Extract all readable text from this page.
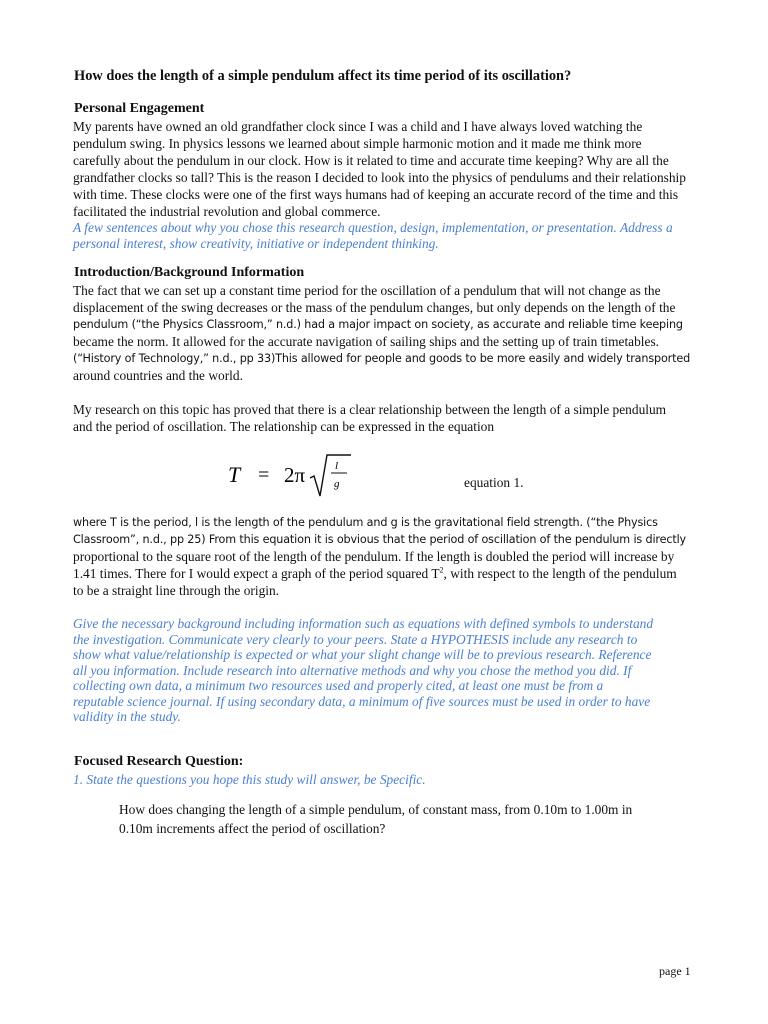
How does the length of a simple pendulum affect its time period of its oscillation?
Personal Engagement
My parents have owned an old grandfather clock since I was a child and I have always loved watching the
pendulum swing. In physics lessons we learned about simple harmonic motion and it made me think more
carefully about the pendulum in our clock. How is it related to time and accurate time keeping? Why are all the
grandfather clocks so tall? This is the reason I decided to look into the physics of pendulums and their relationship
with time. These clocks were one of the first ways humans had of keeping an accurate record of the time and this
facilitated the industrial revolution and global commerce.
A few sentences about why you chose this research question, design, implementation, or presentation. Address a
personal interest, show creativity, initiative or independent thinking.
Introduction/Background Information
The fact that we can set up a constant time period for the oscillation of a pendulum that will not change as the
displacement of the swing decreases or the mass of the pendulum changes, but only depends on the length of the
pendulum (“the Physics Classroom,” n.d.) had a major impact on society, as accurate and reliable time keeping
became the norm. It allowed for the accurate navigation of sailing ships and the setting up of train timetables.
(“History of Technology,” n.d., pp 33)This allowed for people and goods to be more easily and widely transported
around countries and the world.
My research on this topic has proved that there is a clear relationship between the length of a simple pendulum
and the period of oscillation. The relationship can be expressed in the equation
T = 2π	l
g	equation 1.
where T is the period, l is the length of the pendulum and g is the gravitational field strength. (“the Physics
Classroom”, n.d., pp 25) From this equation it is obvious that the period of oscillation of the pendulum is directly
proportional to the square root of the length of the pendulum. If the length is doubled the period will increase by
1.41 times. There for I would expect a graph of the period squared $T^2$, with respect to the length of the pendulum
to be a straight line through the origin.
Give the necessary background including information such as equations with defined symbols to understand
the investigation. Communicate very clearly to your peers. State a HYPOTHESIS include any research to
show what value/relationship is expected or what your slight change will be to previous research. Reference
all you information. Include research into alternative methods and why you chose the method you did. If
collecting own data, a minimum two resources used and properly cited, at least one must be from a
reputable science journal. If using secondary data, a minimum of five sources must be used in order to have
validity in the study.
Focused Research Question:
1. State the questions you hope this study will answer, be Specific.
How does changing the length of a simple pendulum, of constant mass, from 0.10m to 1.00m in
0.10m increments affect the period of oscillation?
page 1
